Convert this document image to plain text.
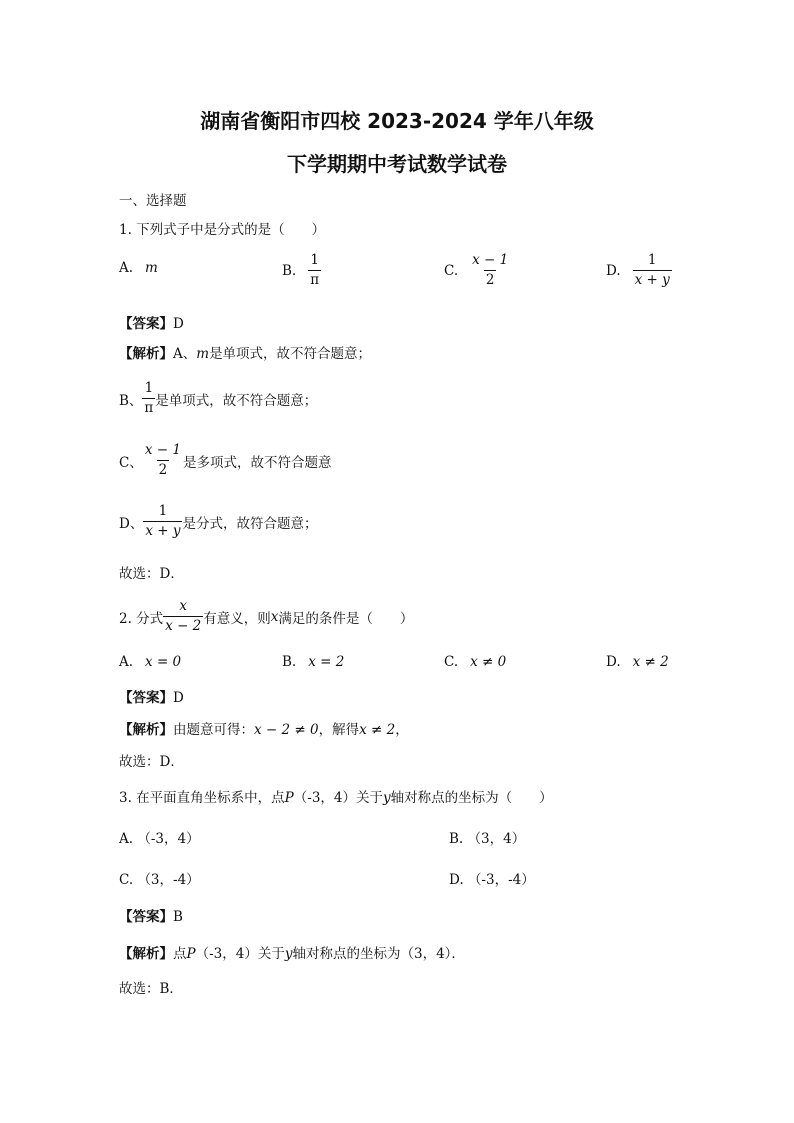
湖南省衡阳市四校 2023-2024 学年八年级
下学期期中考试数学试卷
一、选择题
1. 下列式子中是分式的是（　　）
A. m	B. $\frac{1}{\pi}$	C. $\frac{x - 1}{2}$	D. $\frac{1}{x + y}$
【答案】D
【解析】A、m是单项式，故不符合题意；
B、 $\frac{1}{\pi}$ 是单项式，故不符合题意；
C、 $\frac{x - 1}{2}$ 是多项式，故不符合题意
D、 $\frac{1}{x + y}$ 是分式，故符合题意；
故选：D．
2. 分式 $\frac{x}{x - 2}$ 有意义，则 x 满足的条件是（　　）
A. x = 0	B. x = 2	C. x ≠ 0	D. x ≠ 2
【答案】D
【解析】由题意可得：x − 2 ≠ 0，解得x ≠ 2，
故选：D．
3. 在平面直角坐标系中，点P（-3，4）关于y轴对称点的坐标为（　　）
A. （-3，4）	B. （3，4）
C. （3，-4）	D. （-3，-4）
【答案】B
【解析】点P（-3，4）关于y轴对称点的坐标为（3，4）．
故选：B．
